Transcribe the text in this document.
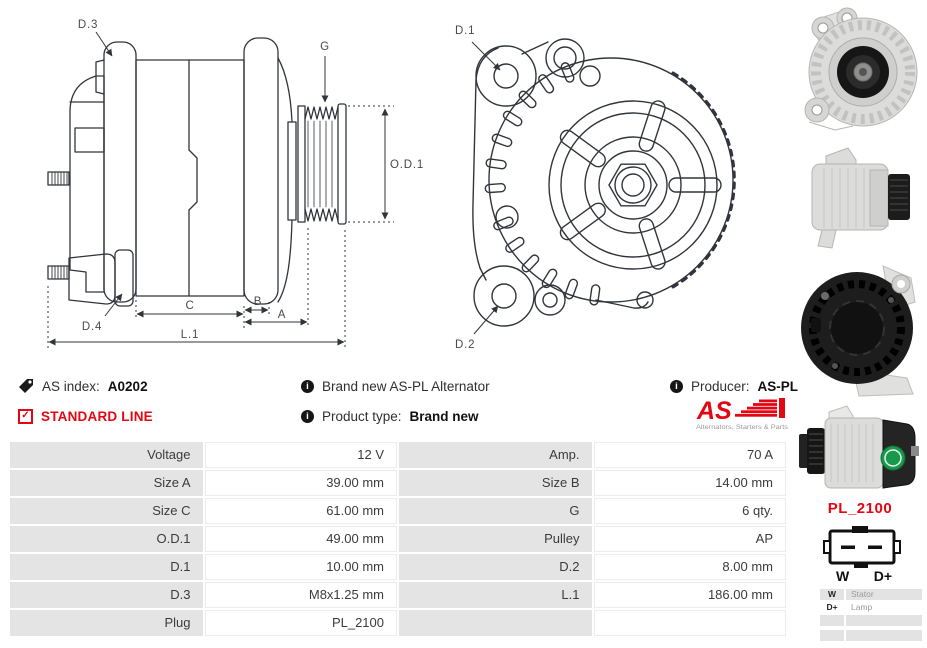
D.3
G
O.D.1
D.4
C	B
A
L.1
D.1
D.2
AS index: A0202	i Brand new AS-PL Alternator	i Producer: AS-PL
✓ STANDARD LINE	i Product type: Brand new	AS
Alternators, Starters & Parts
Voltage	12 V	Amp.	70 A
Size A	39.00 mm	Size B	14.00 mm
Size C	61.00 mm	G	6 qty.
O.D.1	49.00 mm	Pulley	AP
D.1	10.00 mm	D.2	8.00 mm
D.3	M8x1.25 mm	L.1	186.00 mm
Plug	PL_2100
PL_2100
W D+
W	Stator
D+	Lamp
